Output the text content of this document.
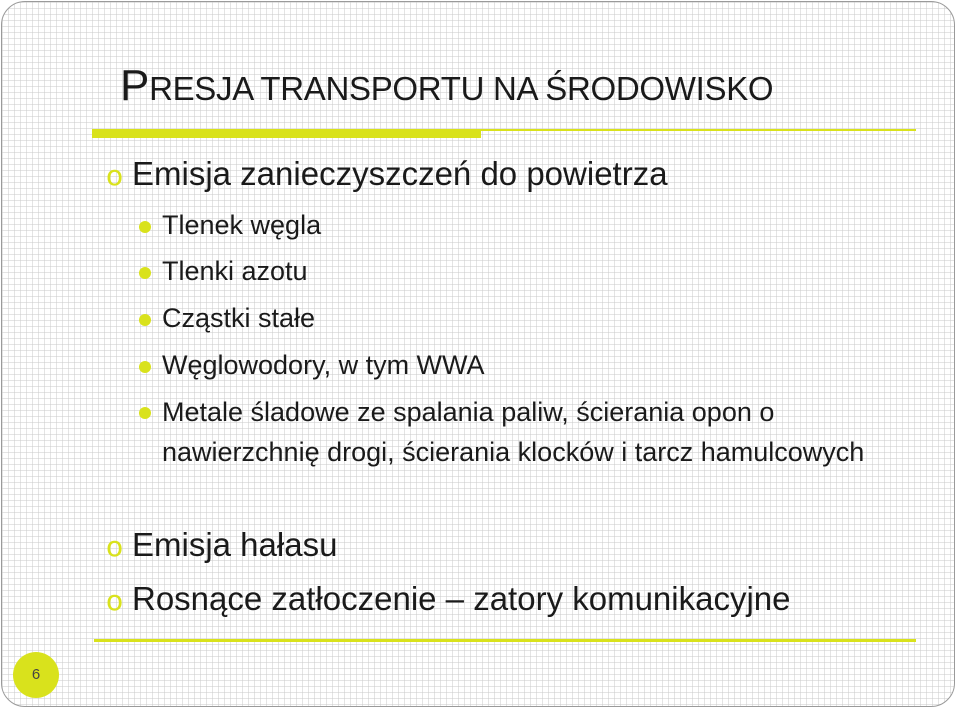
PRESJA TRANSPORTU NA ŚRODOWISKO
o Emisja zanieczyszczeń do powietrza
Tlenek węgla
Tlenki azotu
Cząstki stałe
Węglowodory, w tym WWA
Metale śladowe ze spalania paliw, ścierania opon o nawierzchnię drogi, ścierania klocków i tarcz hamulcowych
o Emisja hałasu
o Rosnące zatłoczenie – zatory komunikacyjne
6
